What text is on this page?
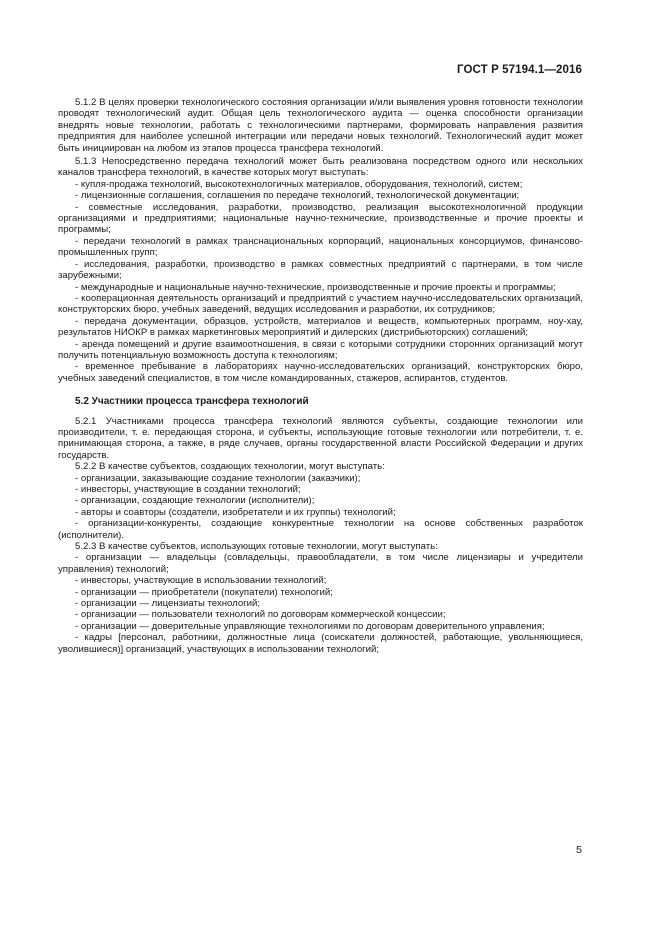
ГОСТ Р 57194.1—2016

5.1.2 В целях проверки технологического состояния организации и/или выявления уровня готовности технологии проводят технологический аудит. Общая цель технологического аудита — оценка способности организации внедрять новые технологии, работать с технологическими партнерами, формировать направления развития предприятия для наиболее успешной интеграции или передачи новых технологий. Технологический аудит может быть инициирован на любом из этапов процесса трансфера технологий.

5.1.3 Непосредственно передача технологий может быть реализована посредством одного или нескольких каналов трансфера технологий, в качестве которых могут выступать:

- купля-продажа технологий, высокотехнологичных материалов, оборудования, технологий, систем;

- лицензионные соглашения, соглашения по передаче технологий, технологической документации;

- совместные исследования, разработки, производство, реализация высокотехнологичной продукции организациями и предприятиями; национальные научно-технические, производственные и прочие проекты и программы;

- передачи технологий в рамках транснациональных корпораций, национальных консорциумов, финансово-промышленных групп;

- исследования, разработки, производство в рамках совместных предприятий с партнерами, в том числе зарубежными;

- международные и национальные научно-технические, производственные и прочие проекты и программы;

- кооперационная деятельность организаций и предприятий с участием научно-исследовательских организаций, конструкторских бюро, учебных заведений, ведущих исследования и разработки, их сотрудников;

- передача документации, образцов, устройств, материалов и веществ, компьютерных программ, ноу-хау, результатов НИОКР в рамках маркетинговых мероприятий и дилерских (дистрибьюторских) соглашений;

- аренда помещений и другие взаимоотношения, в связи с которыми сотрудники сторонних организаций могут получить потенциальную возможность доступа к технологиям;

- временное пребывание в лабораториях научно-исследовательских организаций, конструкторских бюро, учебных заведений специалистов, в том числе командированных, стажеров, аспирантов, студентов.

5.2 Участники процесса трансфера технологий

5.2.1 Участниками процесса трансфера технологий являются субъекты, создающие технологии или производители, т. е. передающая сторона, и субъекты, использующие готовые технологии или потребители, т. е. принимающая сторона, а также, в ряде случаев, органы государственной власти Российской Федерации и других государств.

5.2.2 В качестве субъектов, создающих технологии, могут выступать:

- организации, заказывающие создание технологии (заказчики);

- инвесторы, участвующие в создании технологий;

- организации, создающие технологии (исполнители);

- авторы и соавторы (создатели, изобретатели и их группы) технологий;

- организации-конкуренты, создающие конкурентные технологии на основе собственных разработок (исполнители).

5.2.3 В качестве субъектов, использующих готовые технологии, могут выступать:

- организации — владельцы (совладельцы, правообладатели, в том числе лицензиары и учредители управления) технологий;

- инвесторы, участвующие в использовании технологий;

- организации — приобретатели (покупатели) технологий;

- организации — лицензиаты технологий;

- организации — пользователи технологий по договорам коммерческой концессии;

- организации — доверительные управляющие технологиями по договорам доверительного управления;

- кадры [персонал, работники, должностные лица (соискатели должностей, работающие, увольняющиеся, уволившиеся)] организаций, участвующих в использовании технологий;

5
